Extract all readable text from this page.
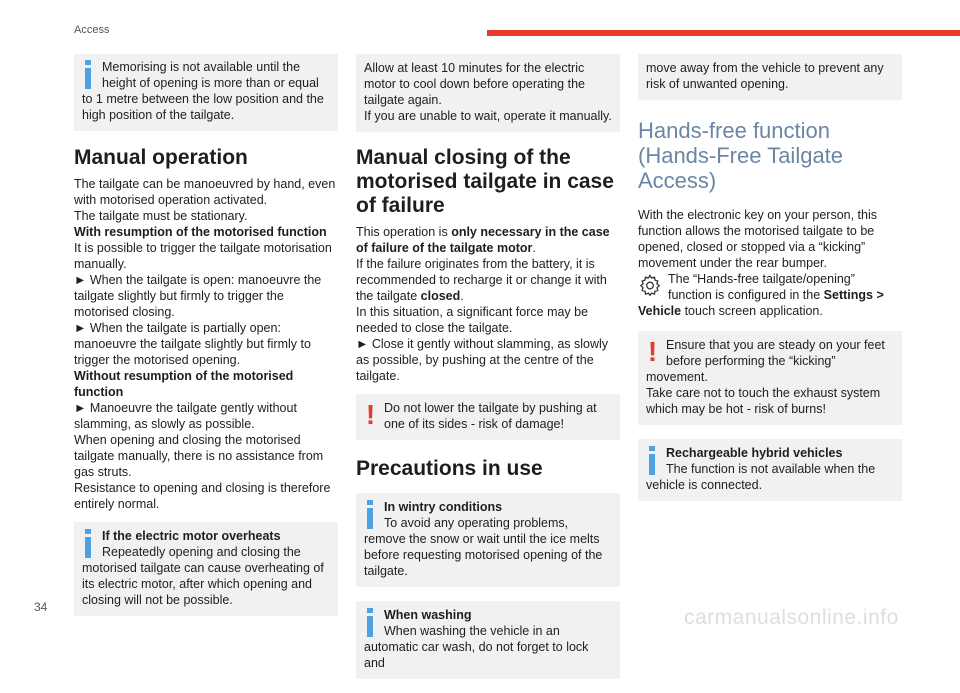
Access

Memorising is not available until the height of opening is more than or equal to 1 metre between the low position and the high position of the tailgate.

Manual operation

The tailgate can be manoeuvred by hand, even with motorised operation activated.

The tailgate must be stationary.

With resumption of the motorised function

It is possible to trigger the tailgate motorisation manually.

► When the tailgate is open: manoeuvre the tailgate slightly but firmly to trigger the motorised closing.

► When the tailgate is partially open: manoeuvre the tailgate slightly but firmly to trigger the motorised opening.

Without resumption of the motorised function

► Manoeuvre the tailgate gently without slamming, as slowly as possible.

When opening and closing the motorised tailgate manually, there is no assistance from gas struts.

Resistance to opening and closing is therefore entirely normal.

If the electric motor overheats

Repeatedly opening and closing the motorised tailgate can cause overheating of its electric motor, after which opening and closing will not be possible.

Allow at least 10 minutes for the electric motor to cool down before operating the tailgate again.

If you are unable to wait, operate it manually.

Manual closing of the motorised tailgate in case of failure

This operation is only necessary in the case of failure of the tailgate motor.

If the failure originates from the battery, it is recommended to recharge it or change it with the tailgate closed.

In this situation, a significant force may be needed to close the tailgate.

► Close it gently without slamming, as slowly as possible, by pushing at the centre of the tailgate.

! Do not lower the tailgate by pushing at one of its sides - risk of damage!

Precautions in use

In wintry conditions

To avoid any operating problems, remove the snow or wait until the ice melts before requesting motorised opening of the tailgate.

When washing

When washing the vehicle in an automatic car wash, do not forget to lock and

move away from the vehicle to prevent any risk of unwanted opening.

Hands-free function (Hands-Free Tailgate Access)

With the electronic key on your person, this function allows the motorised tailgate to be opened, closed or stopped via a “kicking” movement under the rear bumper.

The “Hands-free tailgate/opening” function is configured in the Settings > Vehicle touch screen application.

! Ensure that you are steady on your feet before performing the “kicking” movement.

Take care not to touch the exhaust system which may be hot - risk of burns!

Rechargeable hybrid vehicles

The function is not available when the vehicle is connected.

34	carmanualsonline.info
